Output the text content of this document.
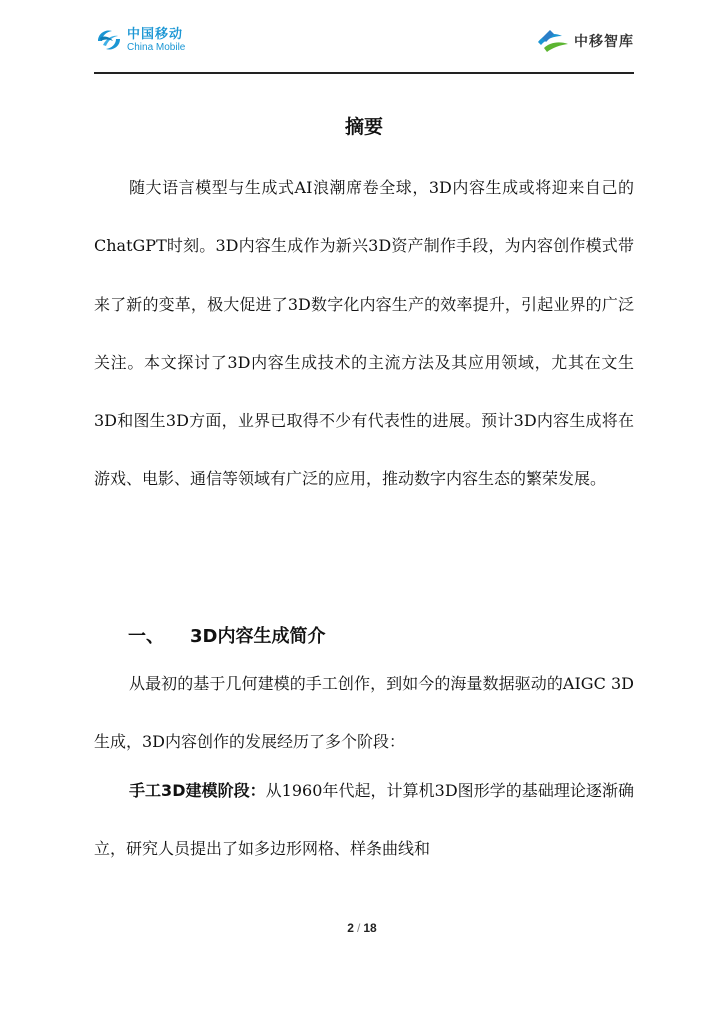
中国移动
China Mobile	中移智库
摘要

随大语言模型与生成式AI浪潮席卷全球，3D内容生成或将迎来自己的ChatGPT时刻。3D内容生成作为新兴3D资产制作手段，为内容创作模式带来了新的变革，极大促进了3D数字化内容生产的效率提升，引起业界的广泛关注。本文探讨了3D内容生成技术的主流方法及其应用领域，尤其在文生3D和图生3D方面，业界已取得不少有代表性的进展。预计3D内容生成将在游戏、电影、通信等领域有广泛的应用，推动数字内容生态的繁荣发展。

一、	3D内容生成简介

从最初的基于几何建模的手工创作，到如今的海量数据驱动的AIGC 3D生成，3D内容创作的发展经历了多个阶段：

手工3D建模阶段：从1960年代起，计算机3D图形学的基础理论逐渐确立，研究人员提出了如多边形网格、样条曲线和

2 / 18
